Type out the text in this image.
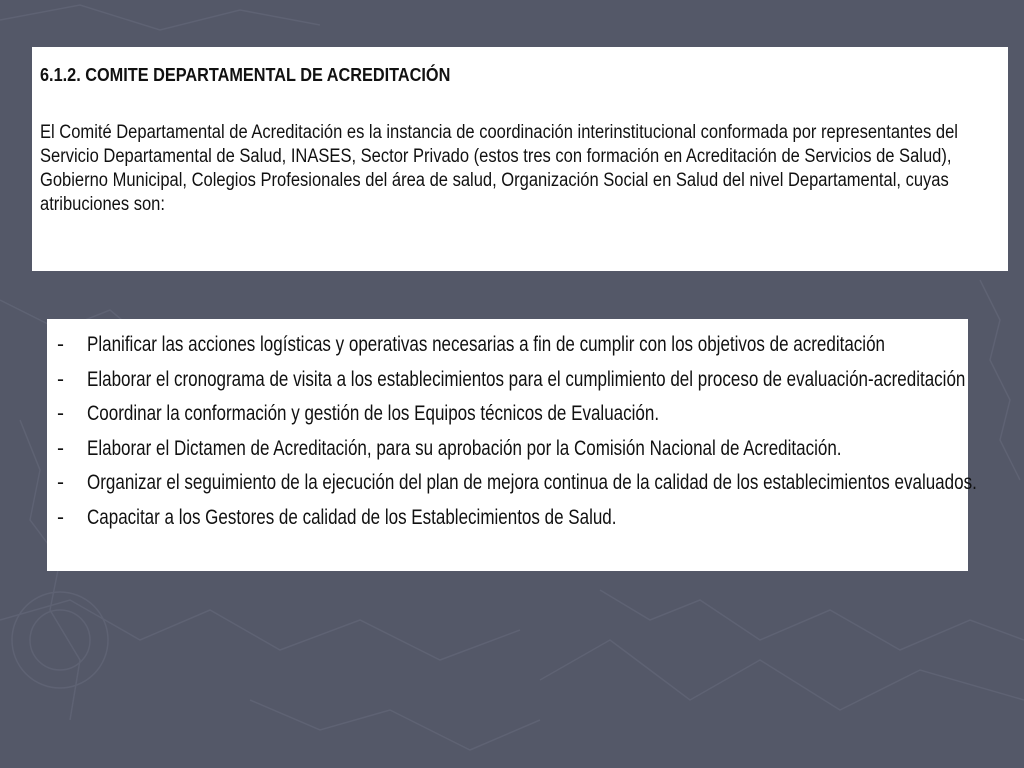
6.1.2. COMITE DEPARTAMENTAL DE ACREDITACIÓN

El Comité Departamental de Acreditación es la instancia de coordinación interinstitucional conformada por representantes del
Servicio Departamental de Salud, INASES, Sector Privado (estos tres con formación en Acreditación de Servicios de Salud),
Gobierno Municipal, Colegios Profesionales del área de salud, Organización Social en Salud del nivel Departamental, cuyas
atribuciones son:

- Planificar las acciones logísticas y operativas necesarias a fin de cumplir con los objetivos de acreditación
- Elaborar el cronograma de visita a los establecimientos para el cumplimiento del proceso de evaluación-acreditación
- Coordinar la conformación y gestión de los Equipos técnicos de Evaluación.
- Elaborar el Dictamen de Acreditación, para su aprobación por la Comisión Nacional de Acreditación.
- Organizar el seguimiento de la ejecución del plan de mejora continua de la calidad de los establecimientos evaluados.
- Capacitar a los Gestores de calidad de los Establecimientos de Salud.
